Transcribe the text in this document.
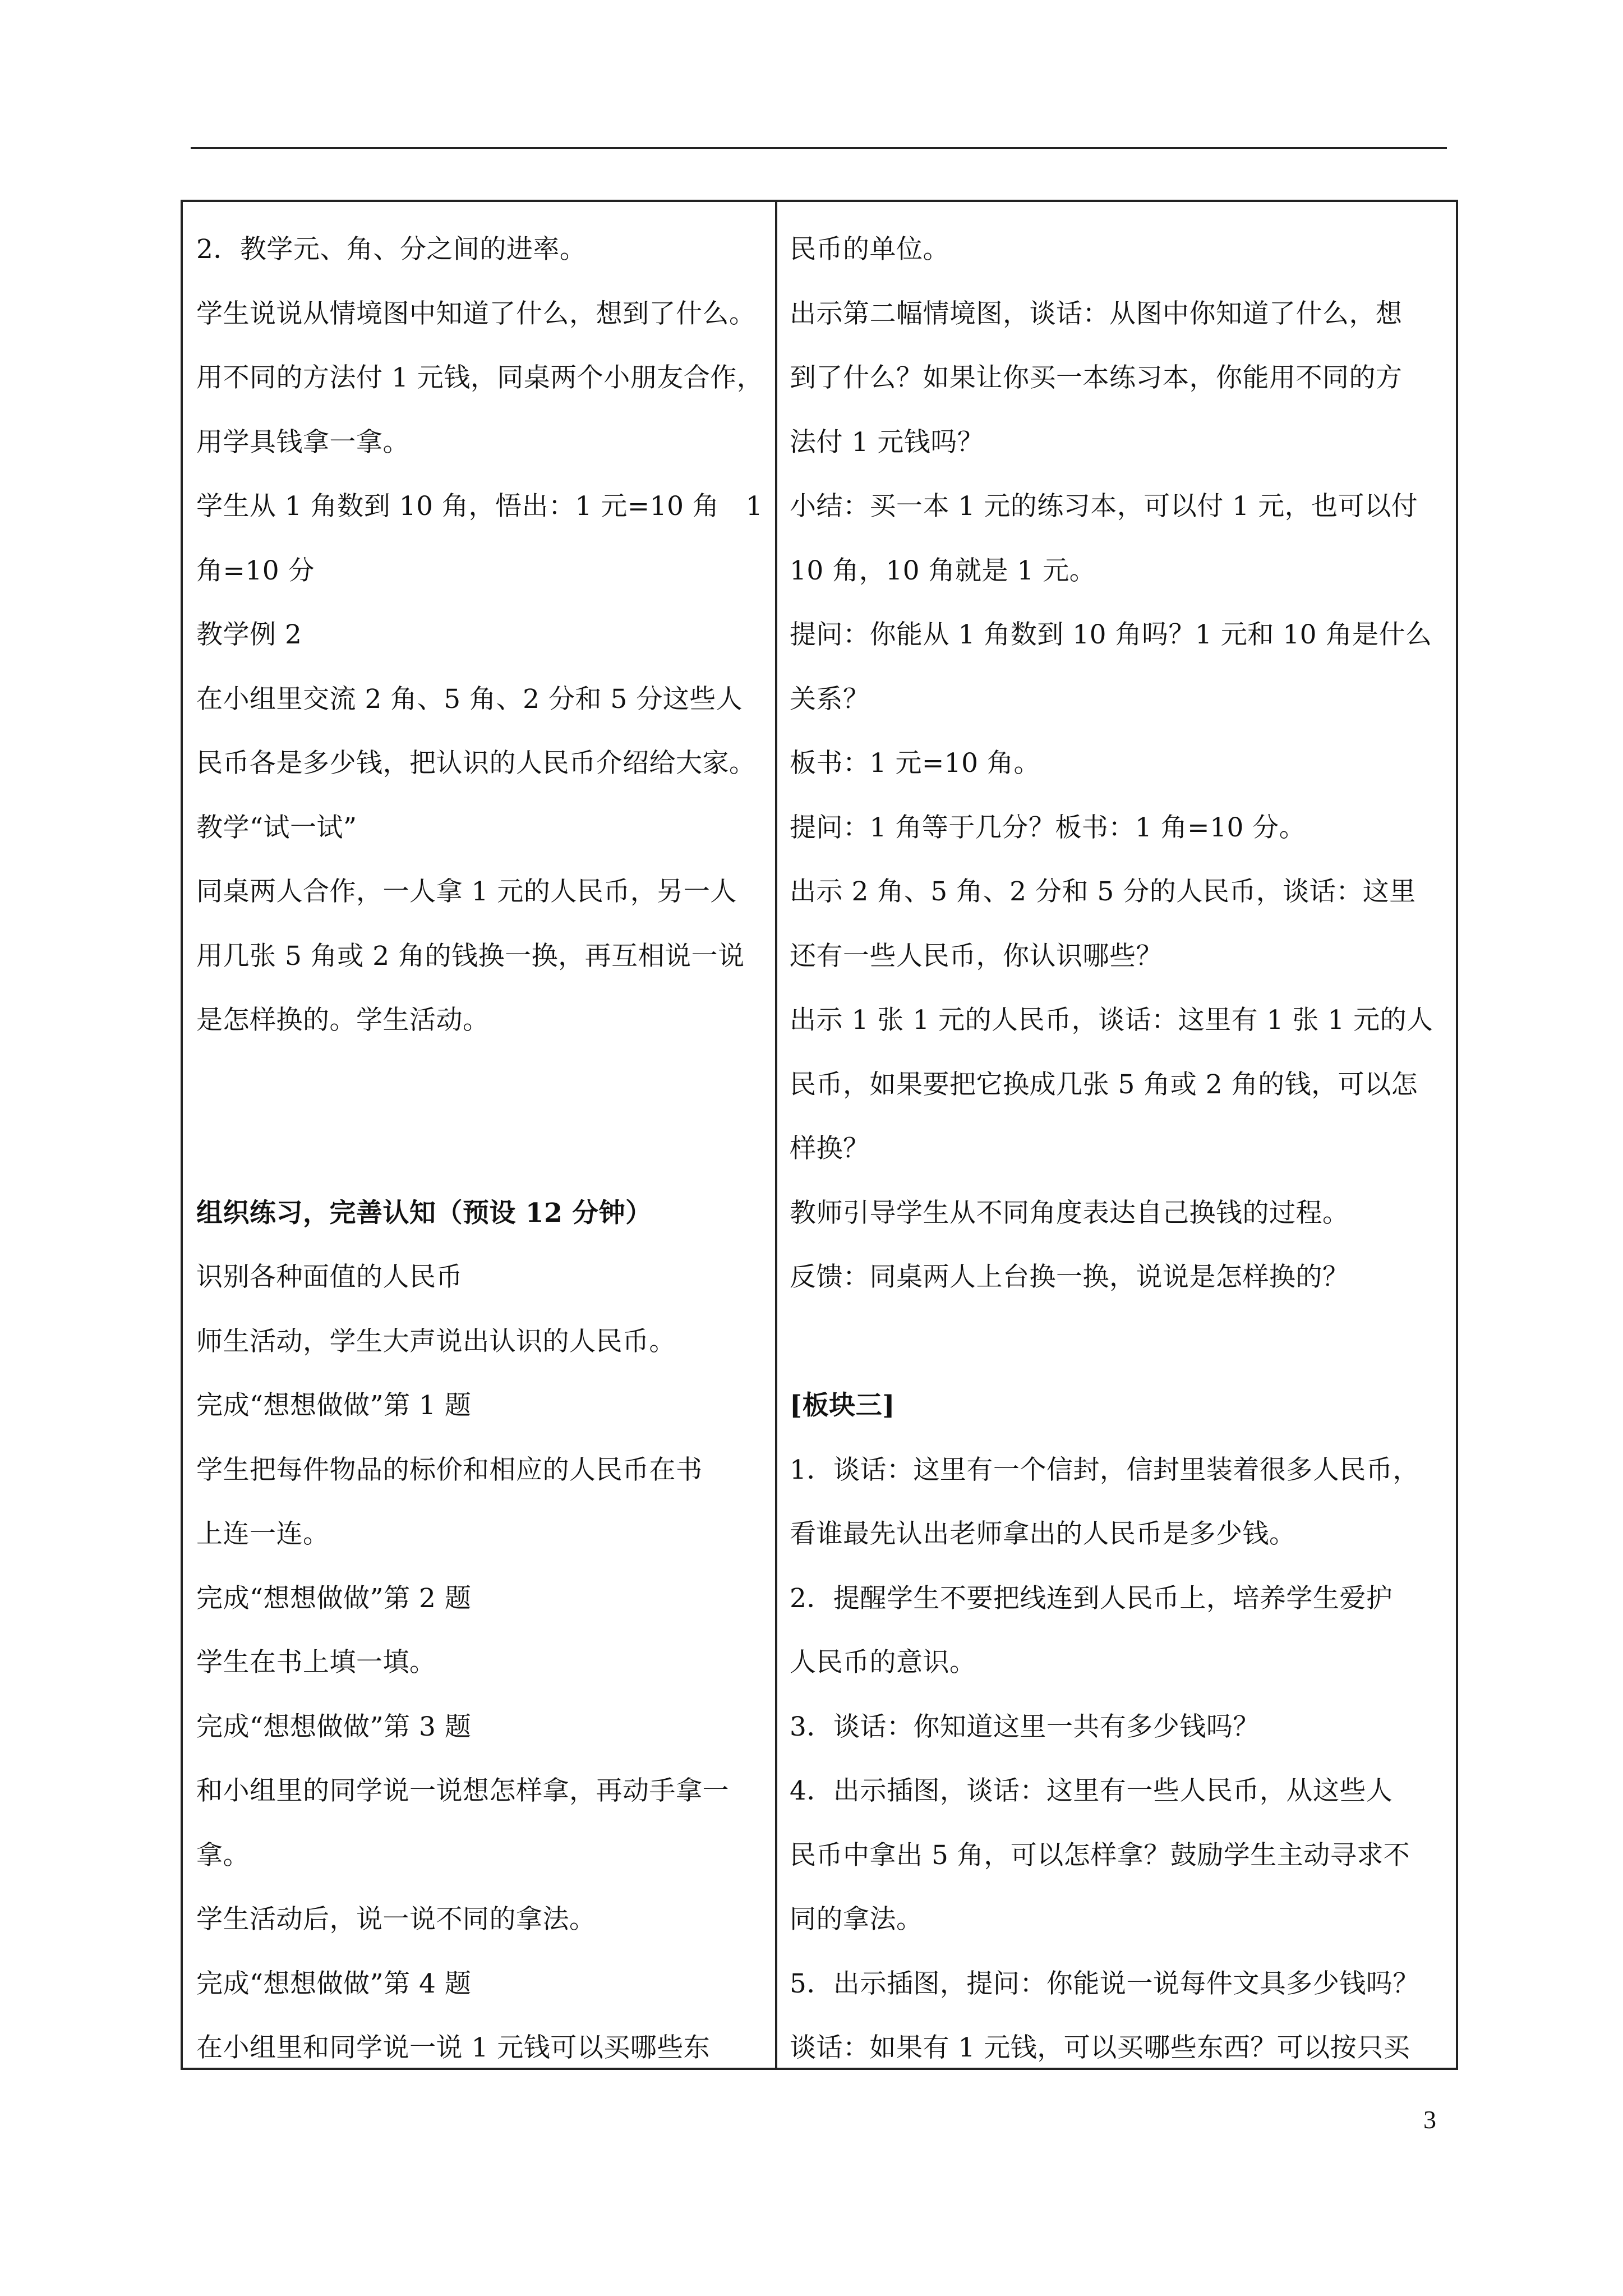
2．教学元、角、分之间的进率。
学生说说从情境图中知道了什么，想到了什么。
用不同的方法付 1 元钱，同桌两个小朋友合作，
用学具钱拿一拿。
学生从 1 角数到 10 角，悟出：1 元=10 角　1
角=10 分
教学例 2
在小组里交流 2 角、5 角、2 分和 5 分这些人
民币各是多少钱，把认识的人民币介绍给大家。
教学“试一试”
同桌两人合作，一人拿 1 元的人民币，另一人
用几张 5 角或 2 角的钱换一换，再互相说一说
是怎样换的。学生活动。
组织练习，完善认知（预设 12 分钟）
识别各种面值的人民币
师生活动，学生大声说出认识的人民币。
完成“想想做做”第 1 题
学生把每件物品的标价和相应的人民币在书
上连一连。
完成“想想做做”第 2 题
学生在书上填一填。
完成“想想做做”第 3 题
和小组里的同学说一说想怎样拿，再动手拿一
拿。
学生活动后，说一说不同的拿法。
完成“想想做做”第 4 题
在小组里和同学说一说 1 元钱可以买哪些东
民币的单位。
出示第二幅情境图，谈话：从图中你知道了什么，想
到了什么？如果让你买一本练习本，你能用不同的方
法付 1 元钱吗？
小结：买一本 1 元的练习本，可以付 1 元，也可以付
10 角，10 角就是 1 元。
提问：你能从 1 角数到 10 角吗？1 元和 10 角是什么
关系？
板书：1 元=10 角。
提问：1 角等于几分？板书：1 角=10 分。
出示 2 角、5 角、2 分和 5 分的人民币，谈话：这里
还有一些人民币，你认识哪些？
出示 1 张 1 元的人民币，谈话：这里有 1 张 1 元的人
民币，如果要把它换成几张 5 角或 2 角的钱，可以怎
样换？
教师引导学生从不同角度表达自己换钱的过程。
反馈：同桌两人上台换一换，说说是怎样换的？
[板块三]
1．谈话：这里有一个信封，信封里装着很多人民币，
看谁最先认出老师拿出的人民币是多少钱。
2．提醒学生不要把线连到人民币上，培养学生爱护
人民币的意识。
3．谈话：你知道这里一共有多少钱吗？
4．出示插图，谈话：这里有一些人民币，从这些人
民币中拿出 5 角，可以怎样拿？鼓励学生主动寻求不
同的拿法。
5．出示插图，提问：你能说一说每件文具多少钱吗？
谈话：如果有 1 元钱，可以买哪些东西？可以按只买
3
